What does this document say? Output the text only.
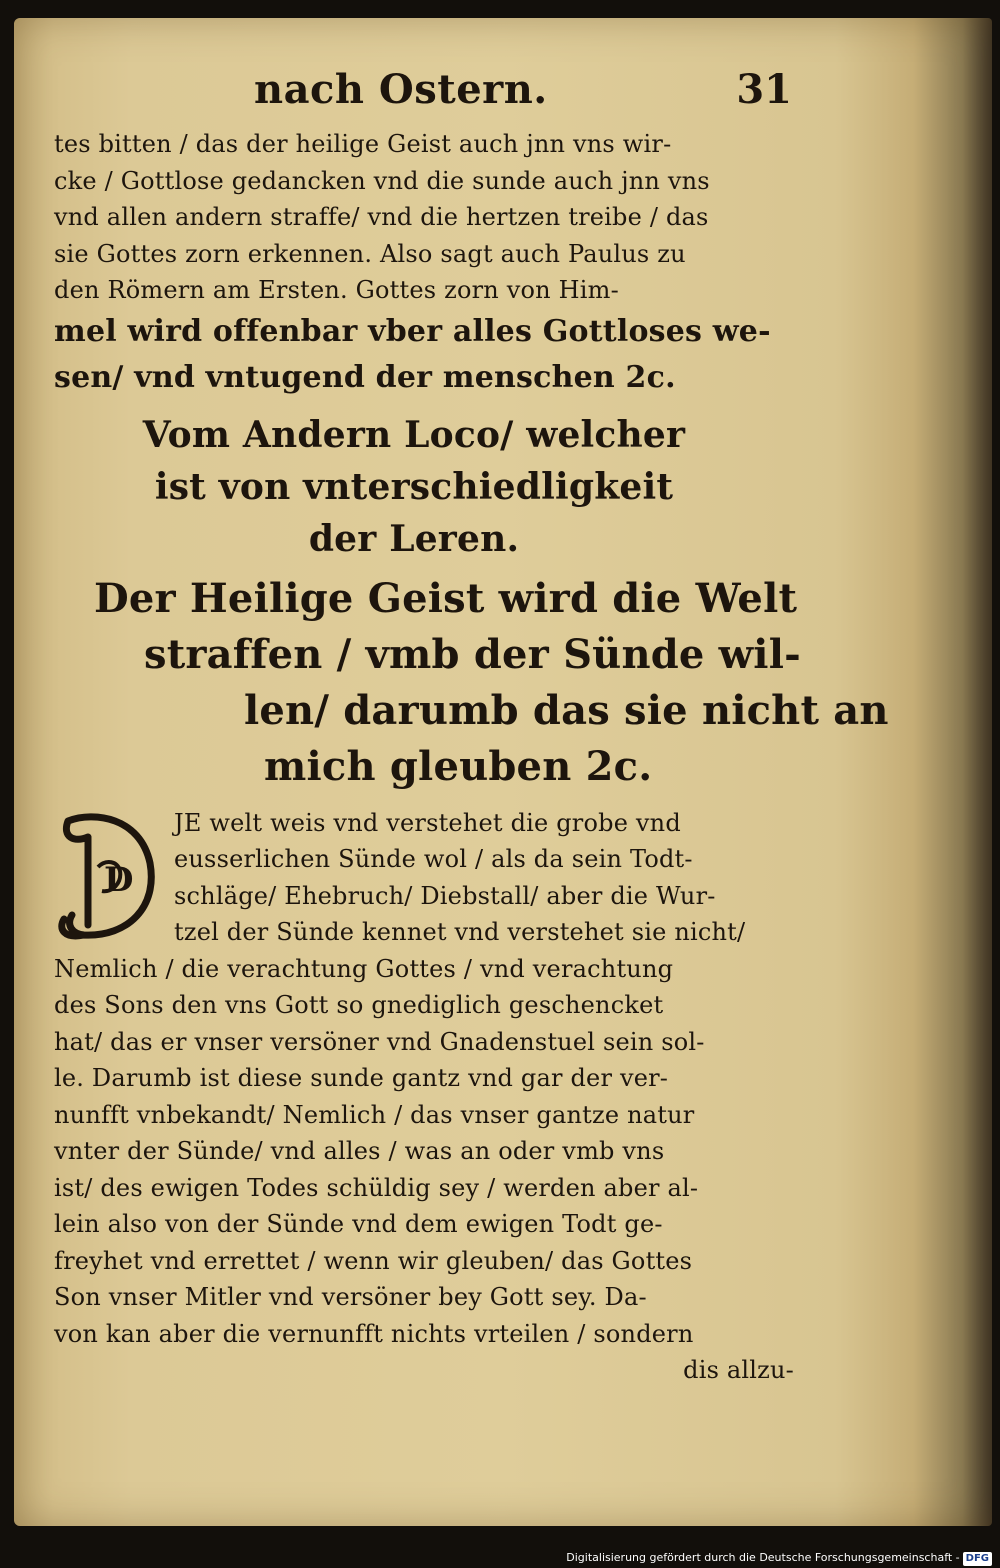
nach Ostern.	31
tes bitten / das der heilige Geist auch jnn vns wir-
cke / Gottlose gedancken vnd die sunde auch jnn vns
vnd allen andern straffe/ vnd die hertzen treibe / das
sie Gottes zorn erkennen. Also sagt auch Paulus zu
den Römern am Ersten. Gottes zorn von Him-
mel wird offenbar vber alles Gottloses we-
sen/ vnd vntugend der menschen 2c.
Vom Andern Loco/ welcher
ist von vnterschiedligkeit
der Leren.
Der Heilige Geist wird die Welt
straffen / vmb der Sünde wil-
len/ darumb das sie nicht an
mich gleuben 2c.
D
JE welt weis vnd verstehet die grobe vnd
eusserlichen Sünde wol / als da sein Todt-
schläge/ Ehebruch/ Diebstall/ aber die Wur-
tzel der Sünde kennet vnd verstehet sie nicht/
Nemlich / die verachtung Gottes / vnd verachtung
des Sons den vns Gott so gnediglich geschencket
hat/ das er vnser versöner vnd Gnadenstuel sein sol-
le. Darumb ist diese sunde gantz vnd gar der ver-
nunfft vnbekandt/ Nemlich / das vnser gantze natur
vnter der Sünde/ vnd alles / was an oder vmb vns
ist/ des ewigen Todes schüldig sey / werden aber al-
lein also von der Sünde vnd dem ewigen Todt ge-
freyhet vnd errettet / wenn wir gleuben/ das Gottes
Son vnser Mitler vnd versöner bey Gott sey. Da-
von kan aber die vernunfft nichts vrteilen / sondern
dis allzu-
Digitalisierung gefördert durch die Deutsche Forschungsgemeinschaft - DFG
